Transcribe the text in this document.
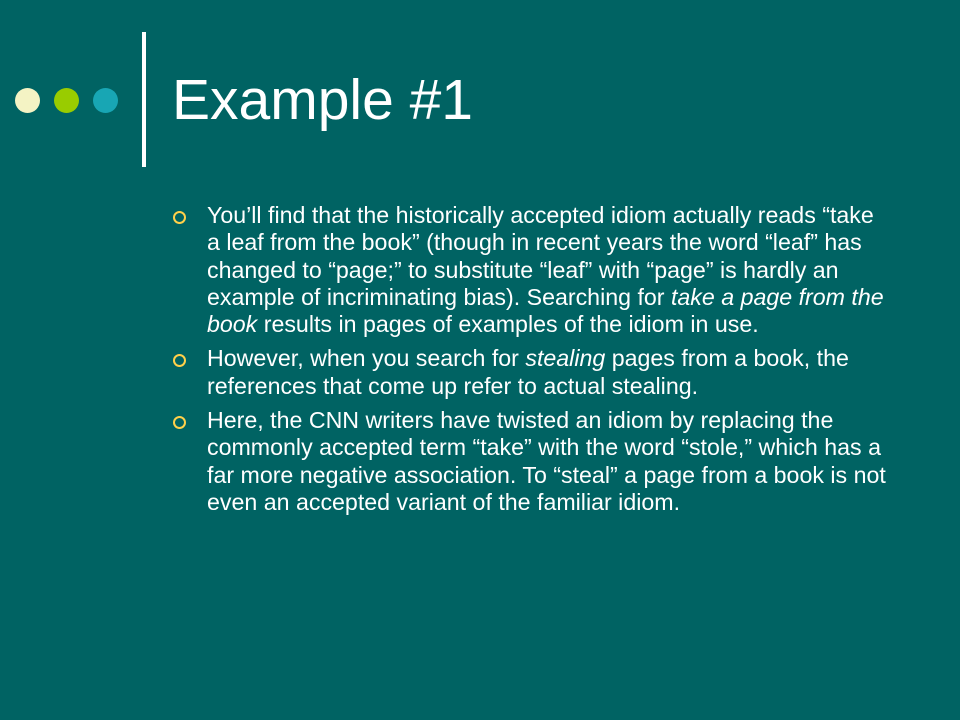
Example #1
You’ll find that the historically accepted idiom actually reads “take a leaf from the book” (though in recent years the word “leaf” has changed to “page;” to substitute “leaf” with “page” is hardly an example of incriminating bias). Searching for take a page from the book results in pages of examples of the idiom in use.
However, when you search for stealing pages from a book, the references that come up refer to actual stealing.
Here, the CNN writers have twisted an idiom by replacing the commonly accepted term “take” with the word “stole,” which has a far more negative association. To “steal” a page from a book is not even an accepted variant of the familiar idiom.
